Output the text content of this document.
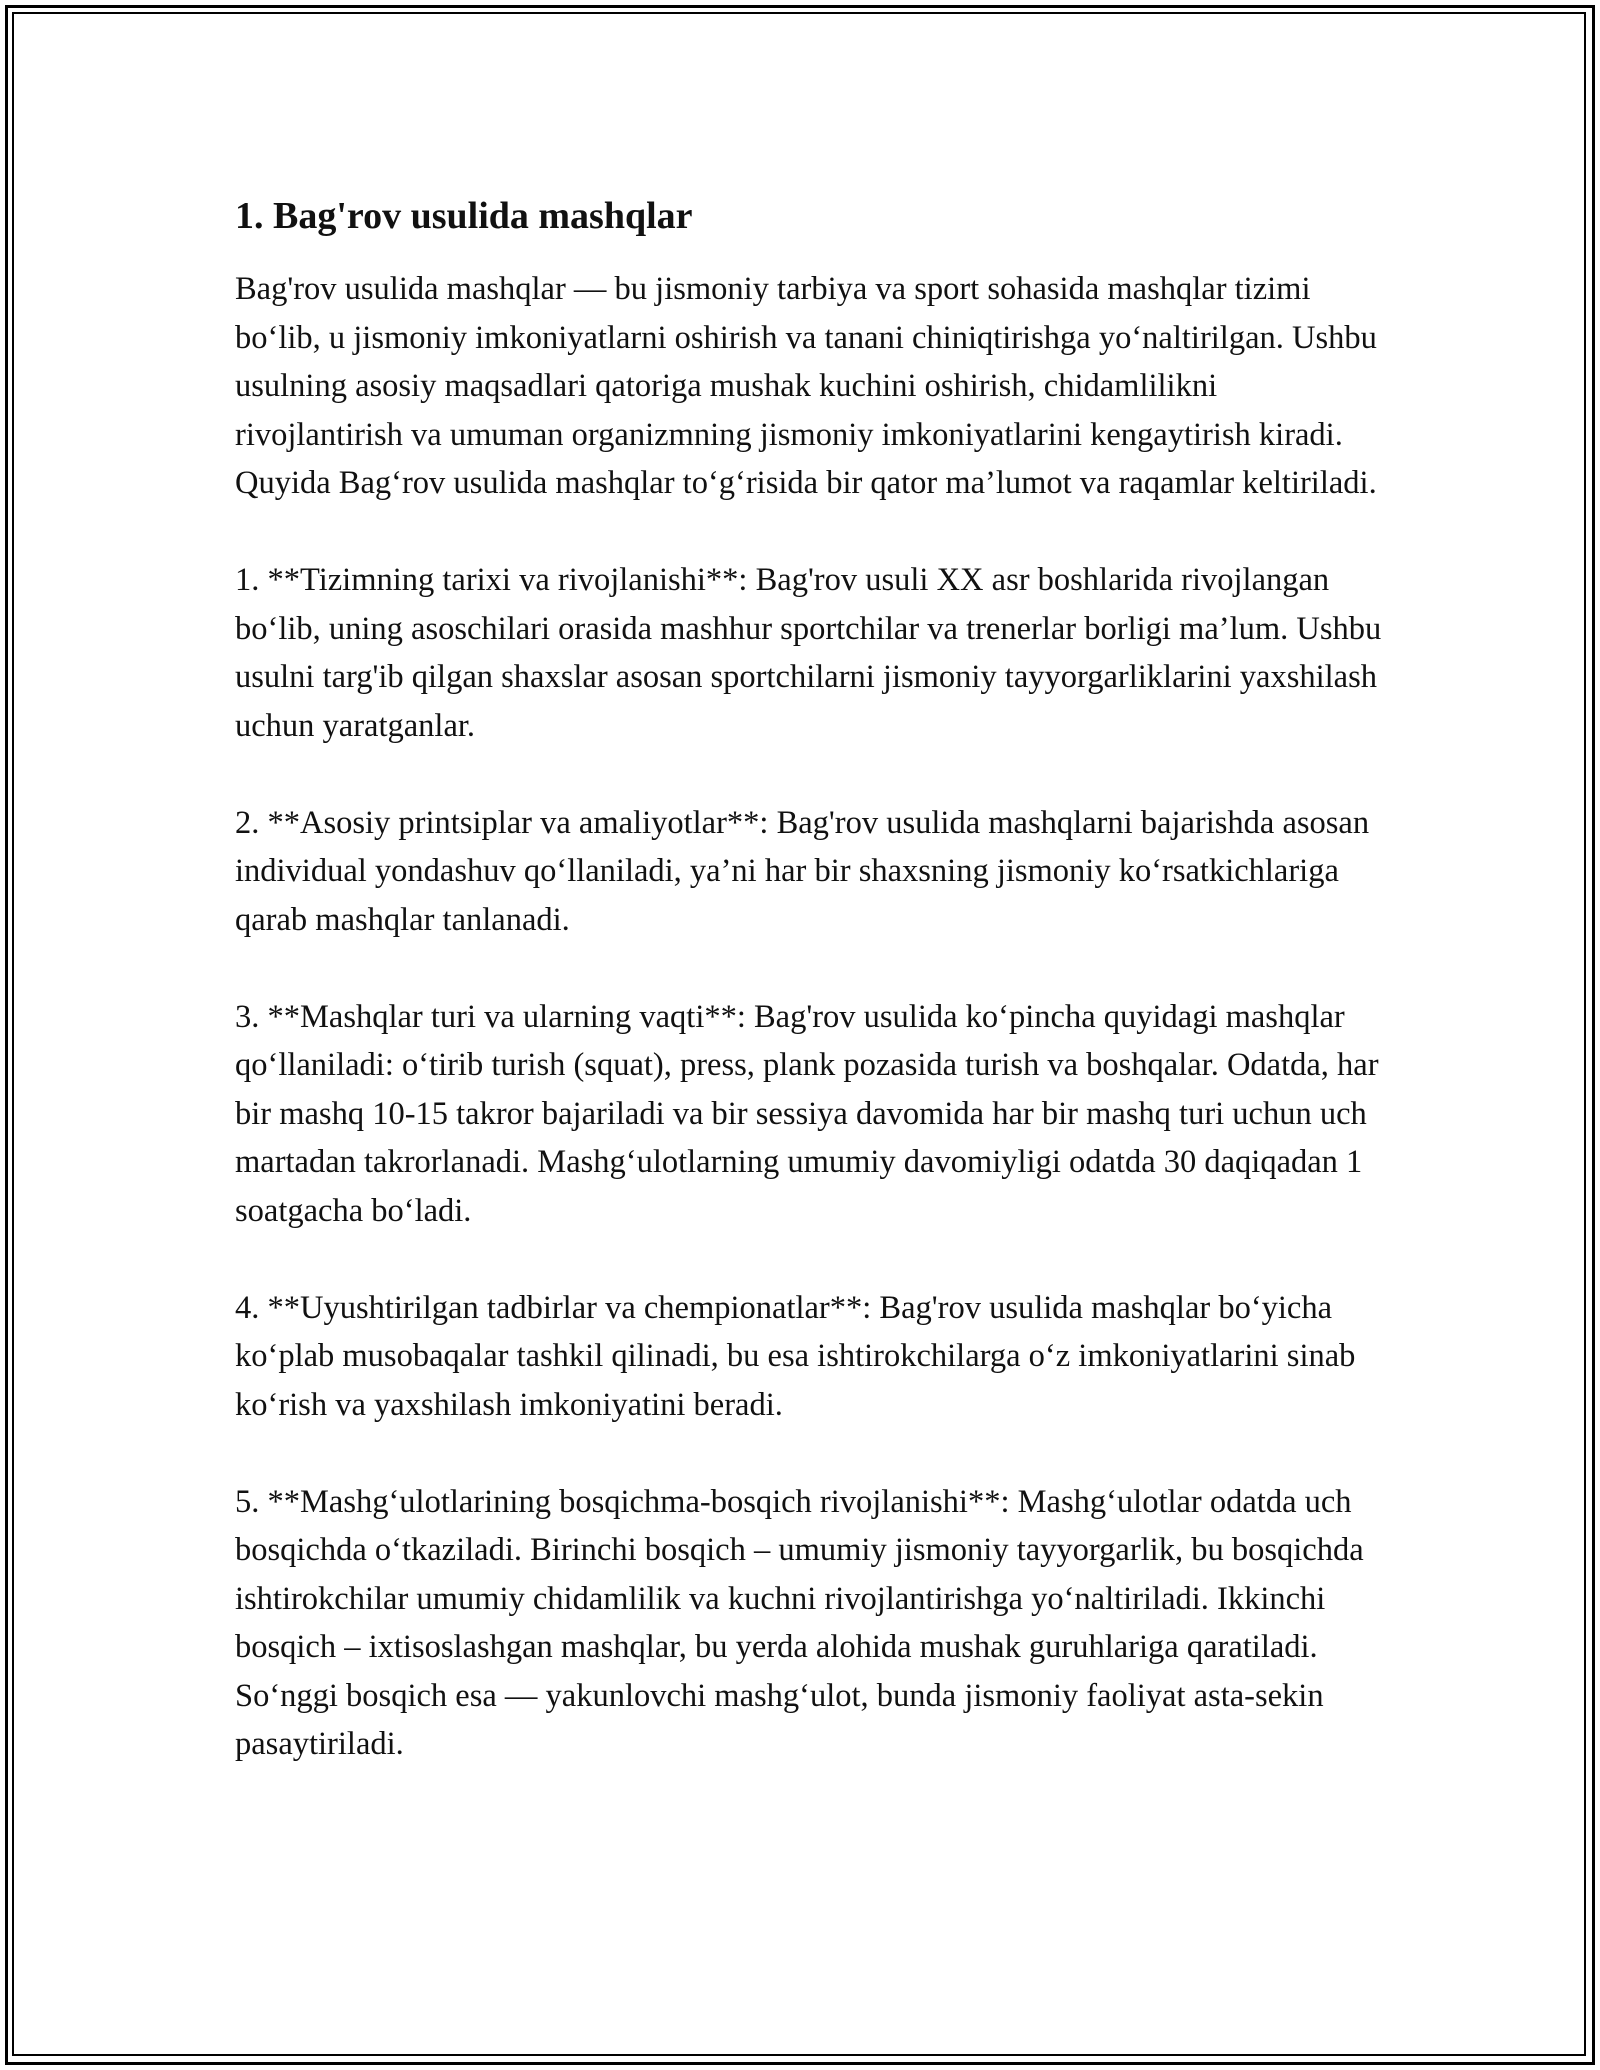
1. Bag'rov usulida mashqlar

Bag'rov usulida mashqlar — bu jismoniy tarbiya va sport sohasida mashqlar tizimi bo‘lib, u jismoniy imkoniyatlarni oshirish va tanani chiniqtirishga yo‘naltirilgan. Ushbu usulning asosiy maqsadlari qatoriga mushak kuchini oshirish, chidamlilikni rivojlantirish va umuman organizmning jismoniy imkoniyatlarini kengaytirish kiradi. Quyida Bag‘rov usulida mashqlar to‘g‘risida bir qator ma’lumot va raqamlar keltiriladi.

1. **Tizimning tarixi va rivojlanishi**: Bag'rov usuli XX asr boshlarida rivojlangan bo‘lib, uning asoschilari orasida mashhur sportchilar va trenerlar borligi ma’lum. Ushbu usulni targ'ib qilgan shaxslar asosan sportchilarni jismoniy tayyorgarliklarini yaxshilash uchun yaratganlar.

2. **Asosiy printsiplar va amaliyotlar**: Bag'rov usulida mashqlarni bajarishda asosan individual yondashuv qo‘llaniladi, ya’ni har bir shaxsning jismoniy ko‘rsatkichlariga qarab mashqlar tanlanadi.

3. **Mashqlar turi va ularning vaqti**: Bag'rov usulida ko‘pincha quyidagi mashqlar qo‘llaniladi: o‘tirib turish (squat), press, plank pozasida turish va boshqalar. Odatda, har bir mashq 10-15 takror bajariladi va bir sessiya davomida har bir mashq turi uchun uch martadan takrorlanadi. Mashg‘ulotlarning umumiy davomiyligi odatda 30 daqiqadan 1 soatgacha bo‘ladi.

4. **Uyushtirilgan tadbirlar va chempionatlar**: Bag'rov usulida mashqlar bo‘yicha ko‘plab musobaqalar tashkil qilinadi, bu esa ishtirokchilarga o‘z imkoniyatlarini sinab ko‘rish va yaxshilash imkoniyatini beradi.

5. **Mashg‘ulotlarining bosqichma-bosqich rivojlanishi**: Mashg‘ulotlar odatda uch bosqichda o‘tkaziladi. Birinchi bosqich – umumiy jismoniy tayyorgarlik, bu bosqichda ishtirokchilar umumiy chidamlilik va kuchni rivojlantirishga yo‘naltiriladi. Ikkinchi bosqich – ixtisoslashgan mashqlar, bu yerda alohida mushak guruhlariga qaratiladi. So‘nggi bosqich esa — yakunlovchi mashg‘ulot, bunda jismoniy faoliyat asta-sekin pasaytiriladi.
